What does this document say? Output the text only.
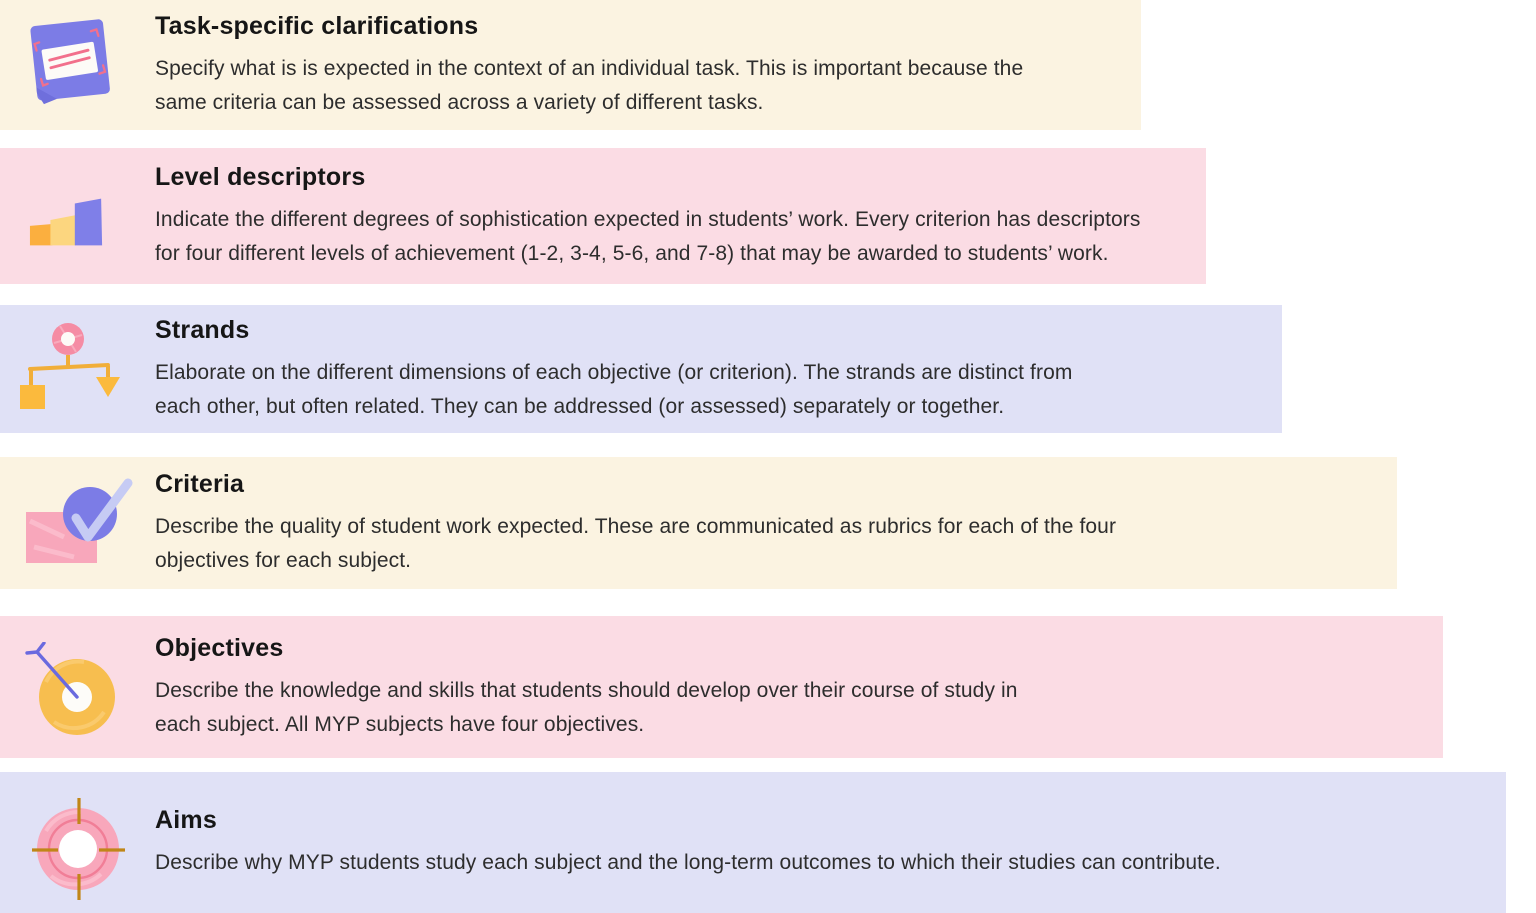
Task-specific clarifications
Specify what is is expected in the context of an individual task. This is important because the
same criteria can be assessed across a variety of different tasks.
Level descriptors
Indicate the different degrees of sophistication expected in students’ work. Every criterion has descriptors
for four different levels of achievement (1-2, 3-4, 5-6, and 7-8) that may be awarded to students’ work.
Strands
Elaborate on the different dimensions of each objective (or criterion). The strands are distinct from
each other, but often related. They can be addressed (or assessed) separately or together.
Criteria
Describe the quality of student work expected. These are communicated as rubrics for each of the four
objectives for each subject.
Objectives
Describe the knowledge and skills that students should develop over their course of study in
each subject. All MYP subjects have four objectives.
Aims
Describe why MYP students study each subject and the long-term outcomes to which their studies can contribute.
